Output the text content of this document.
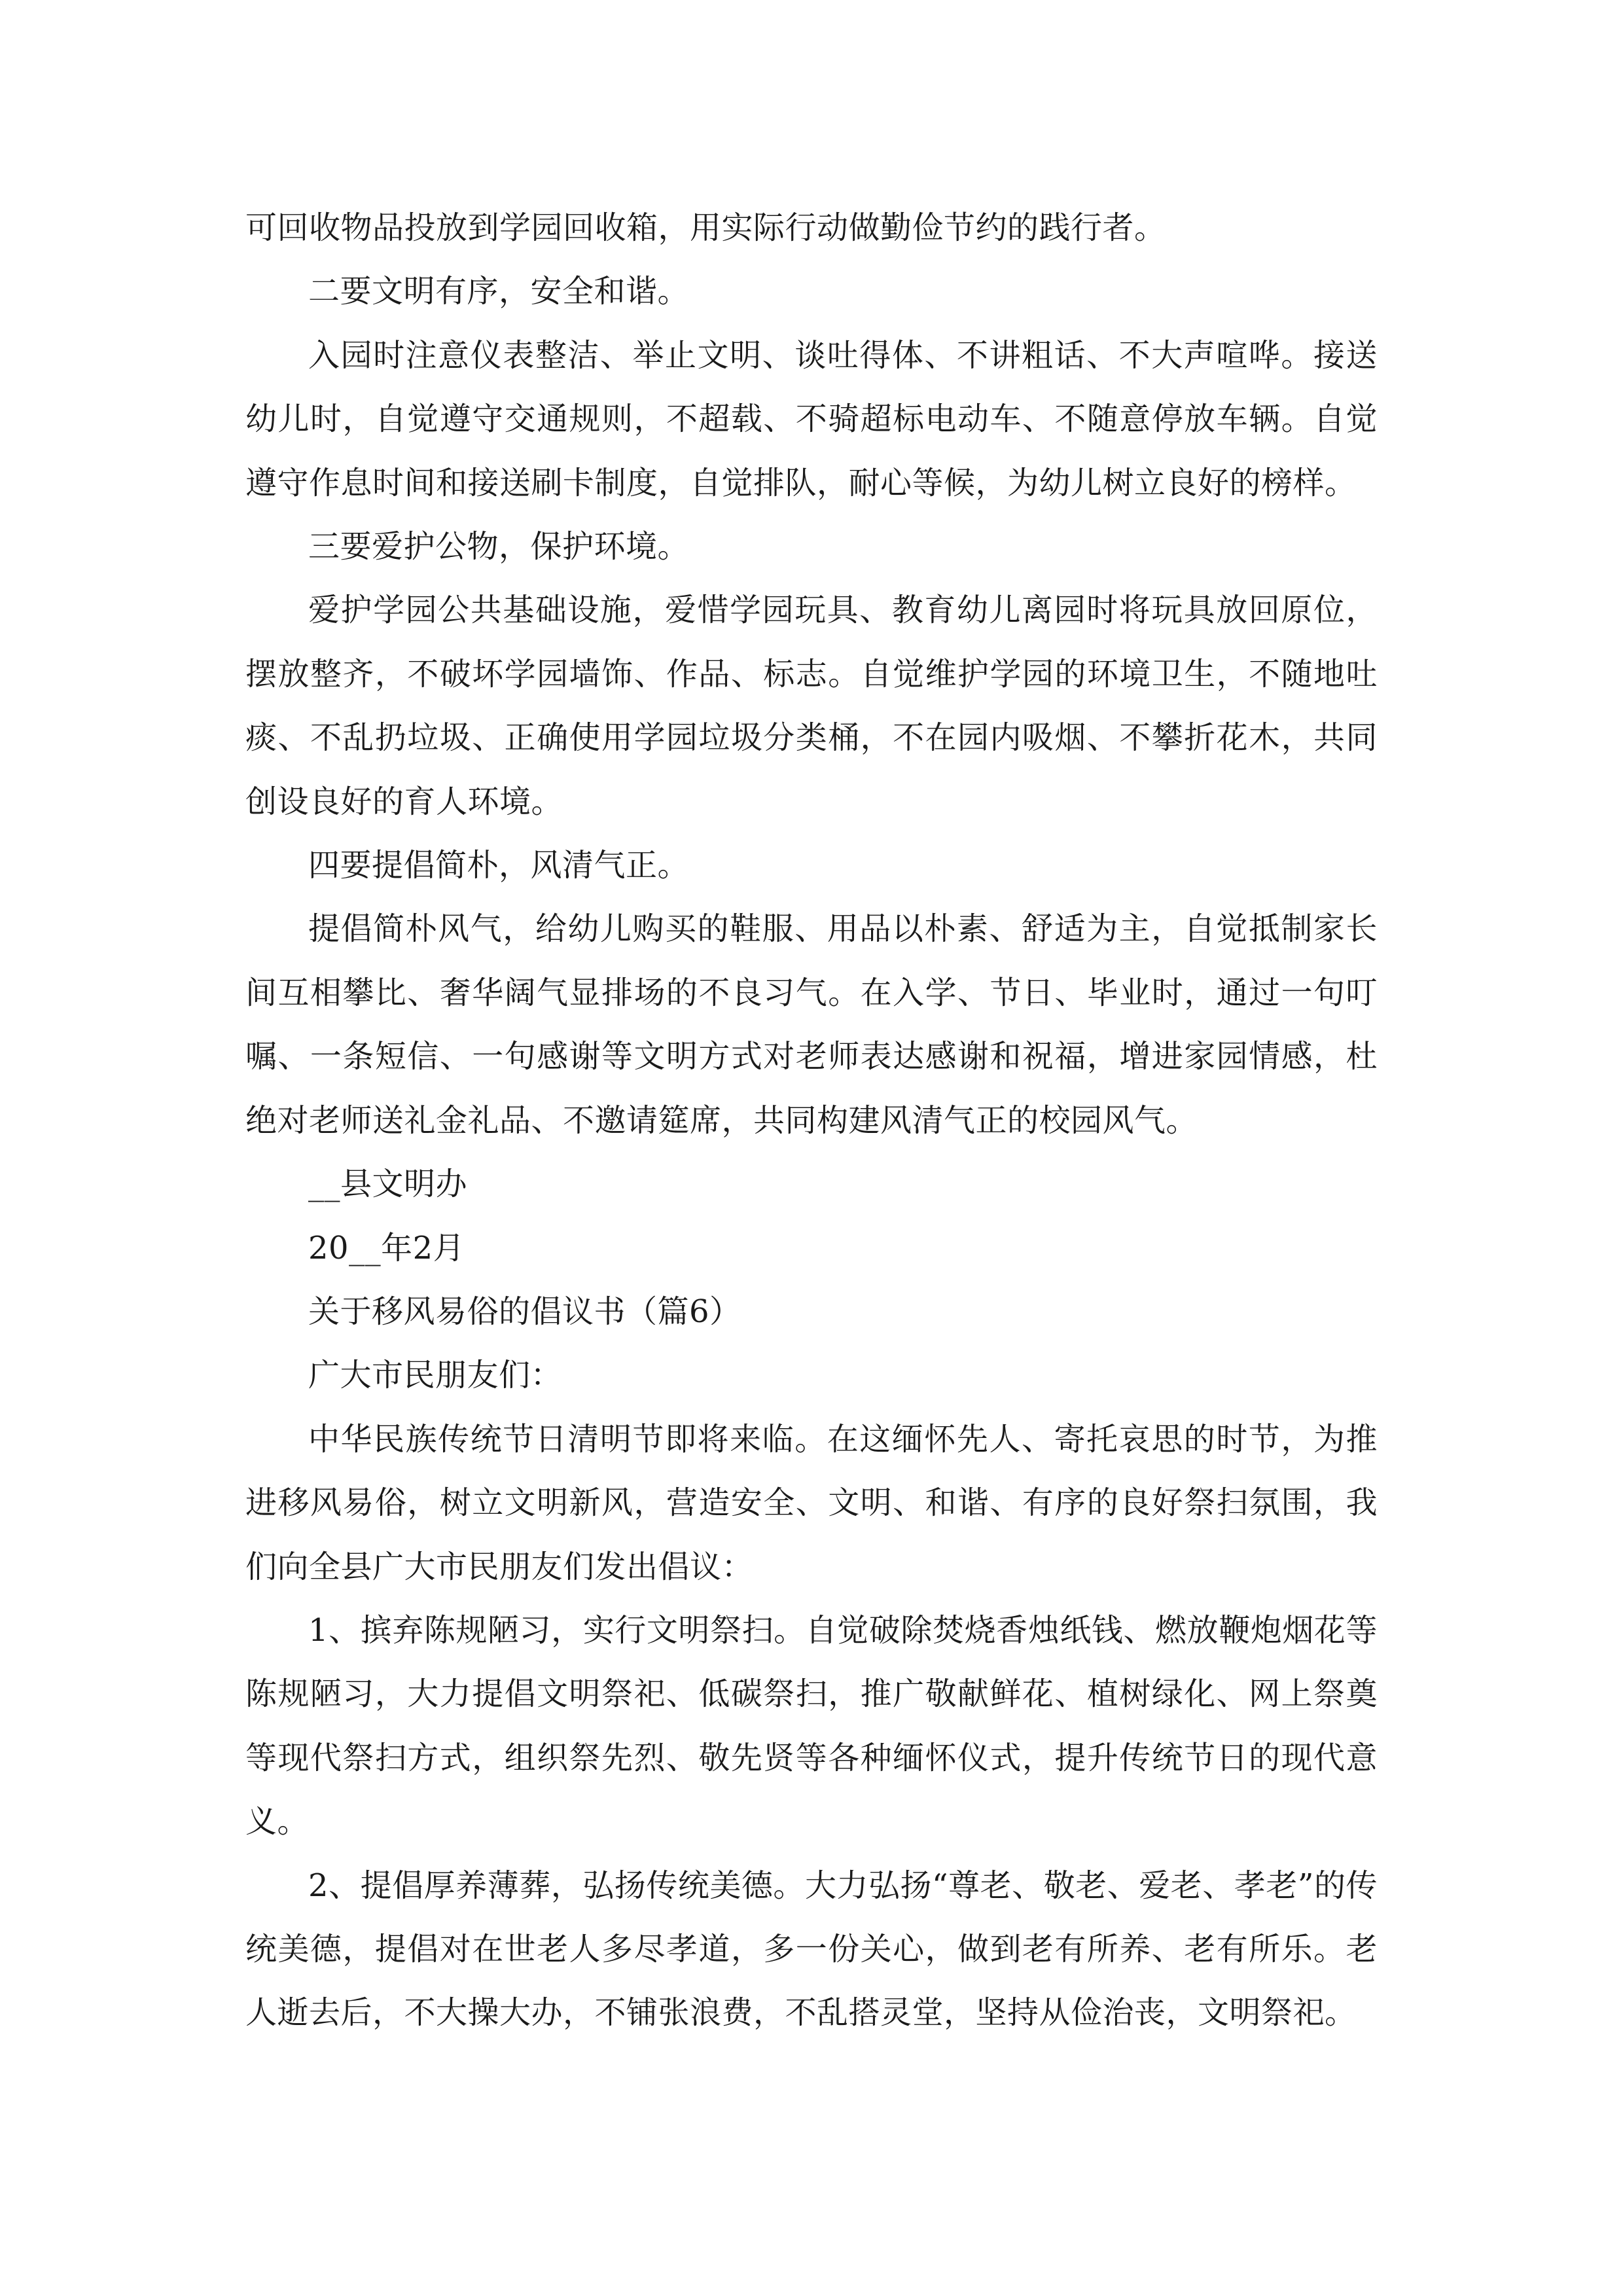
可回收物品投放到学园回收箱，用实际行动做勤俭节约的践行者。

二要文明有序，安全和谐。

入园时注意仪表整洁、举止文明、谈吐得体、不讲粗话、不大声喧哗。接送幼儿时，自觉遵守交通规则，不超载、不骑超标电动车、不随意停放车辆。自觉遵守作息时间和接送刷卡制度，自觉排队，耐心等候，为幼儿树立良好的榜样。

三要爱护公物，保护环境。

爱护学园公共基础设施，爱惜学园玩具、教育幼儿离园时将玩具放回原位，摆放整齐，不破坏学园墙饰、作品、标志。自觉维护学园的环境卫生，不随地吐痰、不乱扔垃圾、正确使用学园垃圾分类桶，不在园内吸烟、不攀折花木，共同创设良好的育人环境。

四要提倡简朴，风清气正。

提倡简朴风气，给幼儿购买的鞋服、用品以朴素、舒适为主，自觉抵制家长间互相攀比、奢华阔气显排场的不良习气。在入学、节日、毕业时，通过一句叮嘱、一条短信、一句感谢等文明方式对老师表达感谢和祝福，增进家园情感，杜绝对老师送礼金礼品、不邀请筵席，共同构建风清气正的校园风气。

__县文明办

20__年2月

关于移风易俗的倡议书（篇6）

广大市民朋友们：

中华民族传统节日清明节即将来临。在这缅怀先人、寄托哀思的时节，为推进移风易俗，树立文明新风，营造安全、文明、和谐、有序的良好祭扫氛围，我们向全县广大市民朋友们发出倡议：

1、摈弃陈规陋习，实行文明祭扫。自觉破除焚烧香烛纸钱、燃放鞭炮烟花等陈规陋习，大力提倡文明祭祀、低碳祭扫，推广敬献鲜花、植树绿化、网上祭奠等现代祭扫方式，组织祭先烈、敬先贤等各种缅怀仪式，提升传统节日的现代意义。

2、提倡厚养薄葬，弘扬传统美德。大力弘扬“尊老、敬老、爱老、孝老”的传统美德，提倡对在世老人多尽孝道，多一份关心，做到老有所养、老有所乐。老人逝去后，不大操大办，不铺张浪费，不乱搭灵堂，坚持从俭治丧，文明祭祀。
